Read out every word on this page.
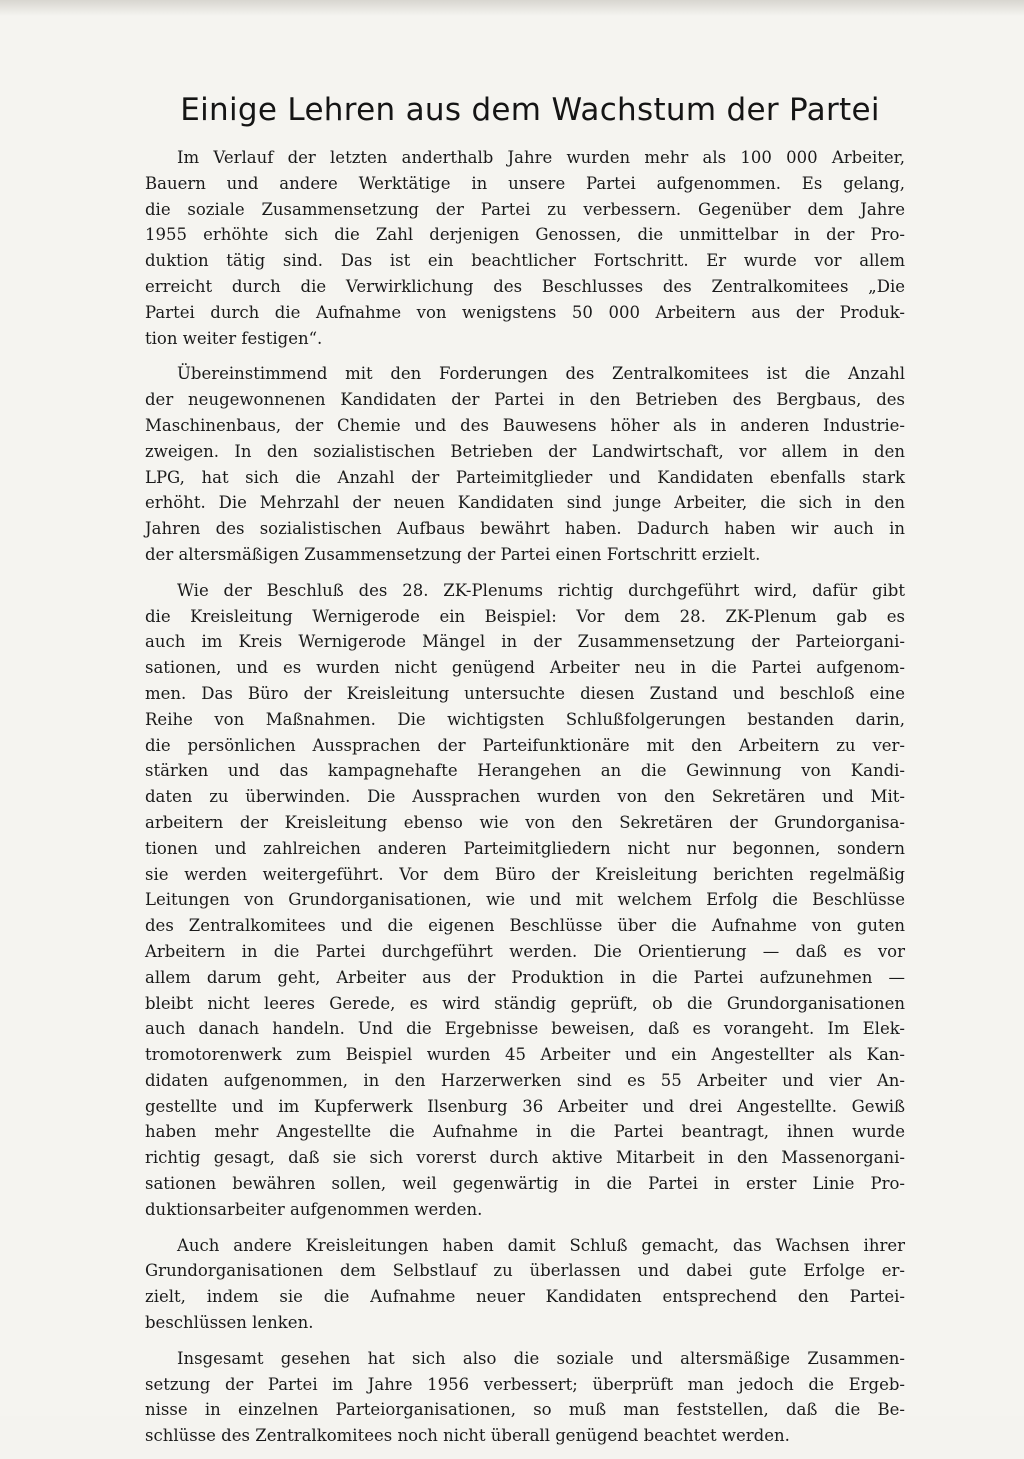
Einige Lehren aus dem Wachstum der Partei

Im Verlauf der letzten anderthalb Jahre wurden mehr als 100 000 Arbeiter,
Bauern und andere Werktätige in unsere Partei aufgenommen. Es gelang,
die soziale Zusammensetzung der Partei zu verbessern. Gegenüber dem Jahre
1955 erhöhte sich die Zahl derjenigen Genossen, die unmittelbar in der Pro-
duktion tätig sind. Das ist ein beachtlicher Fortschritt. Er wurde vor allem
erreicht durch die Verwirklichung des Beschlusses des Zentralkomitees „Die
Partei durch die Aufnahme von wenigstens 50 000 Arbeitern aus der Produk-
tion weiter festigen“.

Übereinstimmend mit den Forderungen des Zentralkomitees ist die Anzahl
der neugewonnenen Kandidaten der Partei in den Betrieben des Bergbaus, des
Maschinenbaus, der Chemie und des Bauwesens höher als in anderen Industrie-
zweigen. In den sozialistischen Betrieben der Landwirtschaft, vor allem in den
LPG, hat sich die Anzahl der Parteimitglieder und Kandidaten ebenfalls stark
erhöht. Die Mehrzahl der neuen Kandidaten sind junge Arbeiter, die sich in den
Jahren des sozialistischen Aufbaus bewährt haben. Dadurch haben wir auch in
der altersmäßigen Zusammensetzung der Partei einen Fortschritt erzielt.

Wie der Beschluß des 28. ZK-Plenums richtig durchgeführt wird, dafür gibt
die Kreisleitung Wernigerode ein Beispiel: Vor dem 28. ZK-Plenum gab es
auch im Kreis Wernigerode Mängel in der Zusammensetzung der Parteiorgani-
sationen, und es wurden nicht genügend Arbeiter neu in die Partei aufgenom-
men. Das Büro der Kreisleitung untersuchte diesen Zustand und beschloß eine
Reihe von Maßnahmen. Die wichtigsten Schlußfolgerungen bestanden darin,
die persönlichen Aussprachen der Parteifunktionäre mit den Arbeitern zu ver-
stärken und das kampagnehafte Herangehen an die Gewinnung von Kandi-
daten zu überwinden. Die Aussprachen wurden von den Sekretären und Mit-
arbeitern der Kreisleitung ebenso wie von den Sekretären der Grundorganisa-
tionen und zahlreichen anderen Parteimitgliedern nicht nur begonnen, sondern
sie werden weitergeführt. Vor dem Büro der Kreisleitung berichten regelmäßig
Leitungen von Grundorganisationen, wie und mit welchem Erfolg die Beschlüsse
des Zentralkomitees und die eigenen Beschlüsse über die Aufnahme von guten
Arbeitern in die Partei durchgeführt werden. Die Orientierung — daß es vor
allem darum geht, Arbeiter aus der Produktion in die Partei aufzunehmen —
bleibt nicht leeres Gerede, es wird ständig geprüft, ob die Grundorganisationen
auch danach handeln. Und die Ergebnisse beweisen, daß es vorangeht. Im Elek-
tromotorenwerk zum Beispiel wurden 45 Arbeiter und ein Angestellter als Kan-
didaten aufgenommen, in den Harzerwerken sind es 55 Arbeiter und vier An-
gestellte und im Kupferwerk Ilsenburg 36 Arbeiter und drei Angestellte. Gewiß
haben mehr Angestellte die Aufnahme in die Partei beantragt, ihnen wurde
richtig gesagt, daß sie sich vorerst durch aktive Mitarbeit in den Massenorgani-
sationen bewähren sollen, weil gegenwärtig in die Partei in erster Linie Pro-
duktionsarbeiter aufgenommen werden.

Auch andere Kreisleitungen haben damit Schluß gemacht, das Wachsen ihrer
Grundorganisationen dem Selbstlauf zu überlassen und dabei gute Erfolge er-
zielt, indem sie die Aufnahme neuer Kandidaten entsprechend den Partei-
beschlüssen lenken.

Insgesamt gesehen hat sich also die soziale und altersmäßige Zusammen-
setzung der Partei im Jahre 1956 verbessert; überprüft man jedoch die Ergeb-
nisse in einzelnen Parteiorganisationen, so muß man feststellen, daß die Be-
schlüsse des Zentralkomitees noch nicht überall genügend beachtet werden.
